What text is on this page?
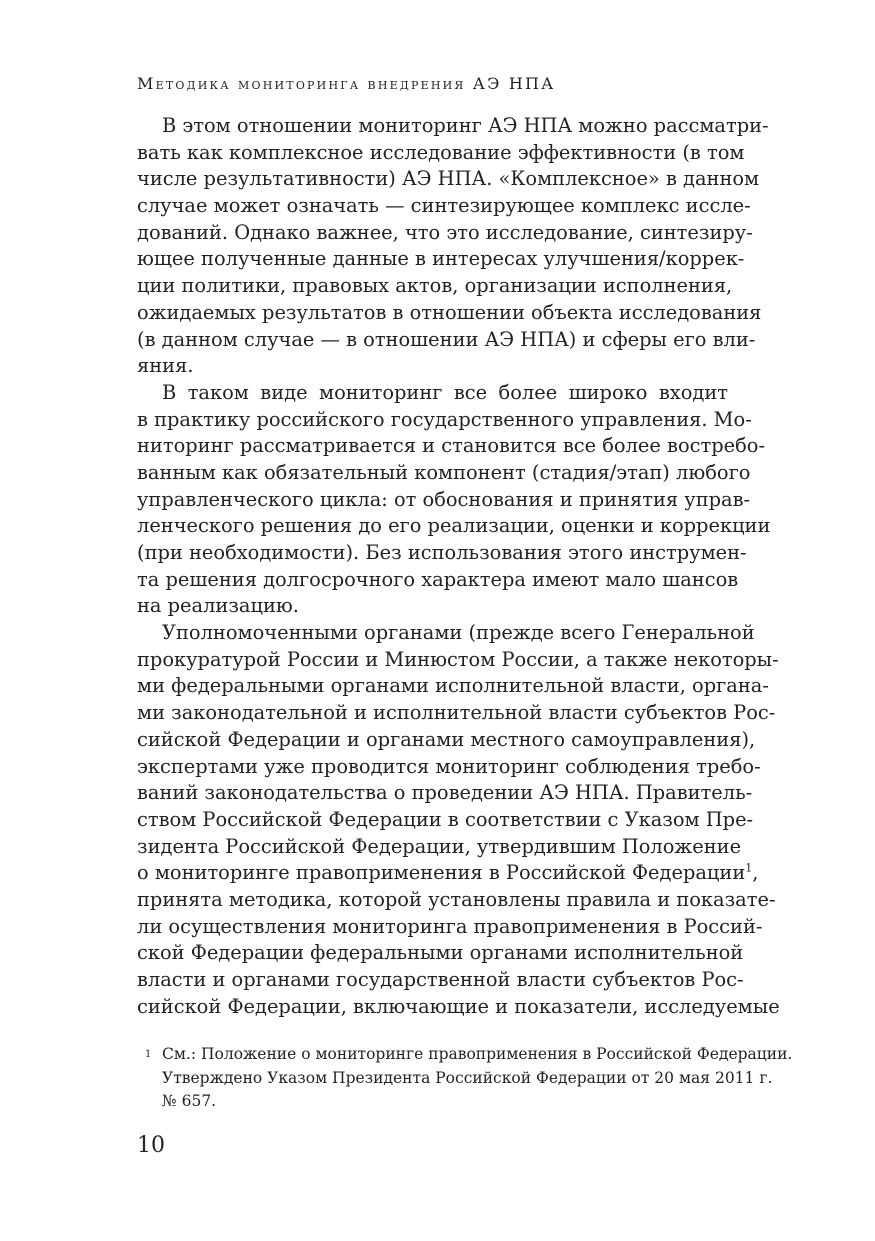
Методика мониторинга внедрения АЭ НПА

В этом отношении мониторинг АЭ НПА можно рассматри-
вать как комплексное исследование эффективности (в том
числе результативности) АЭ НПА. «Комплексное» в данном
случае может означать — синтезирующее комплекс иссле-
дований. Однако важнее, что это исследование, синтезиру-
ющее полученные данные в интересах улучшения/коррек-
ции политики, правовых актов, организации исполнения,
ожидаемых результатов в отношении объекта исследования
(в данном случае — в отношении АЭ НПА) и сферы его вли-
яния.

В таком виде мониторинг все более широко входит
в практику российского государственного управления. Мо-
ниторинг рассматривается и становится все более востребо-
ванным как обязательный компонент (стадия/этап) любого
управленческого цикла: от обоснования и принятия управ-
ленческого решения до его реализации, оценки и коррекции
(при необходимости). Без использования этого инструмен-
та решения долгосрочного характера имеют мало шансов
на реализацию.

Уполномоченными органами (прежде всего Генеральной
прокуратурой России и Минюстом России, а также некоторы-
ми федеральными органами исполнительной власти, органа-
ми законодательной и исполнительной власти субъектов Рос-
сийской Федерации и органами местного самоуправления),
экспертами уже проводится мониторинг соблюдения требо-
ваний законодательства о проведении АЭ НПА. Правитель-
ством Российской Федерации в соответствии с Указом Пре-
зидента Российской Федерации, утвердившим Положение
о мониторинге правоприменения в Российской Федерации$^1$,
принята методика, которой установлены правила и показате-
ли осуществления мониторинга правоприменения в Россий-
ской Федерации федеральными органами исполнительной
власти и органами государственной власти субъектов Рос-
сийской Федерации, включающие и показатели, исследуемые

1 См.: Положение о мониторинге правоприменения в Российской Федерации.
Утверждено Указом Президента Российской Федерации от 20 мая 2011 г.
№ 657.
10
